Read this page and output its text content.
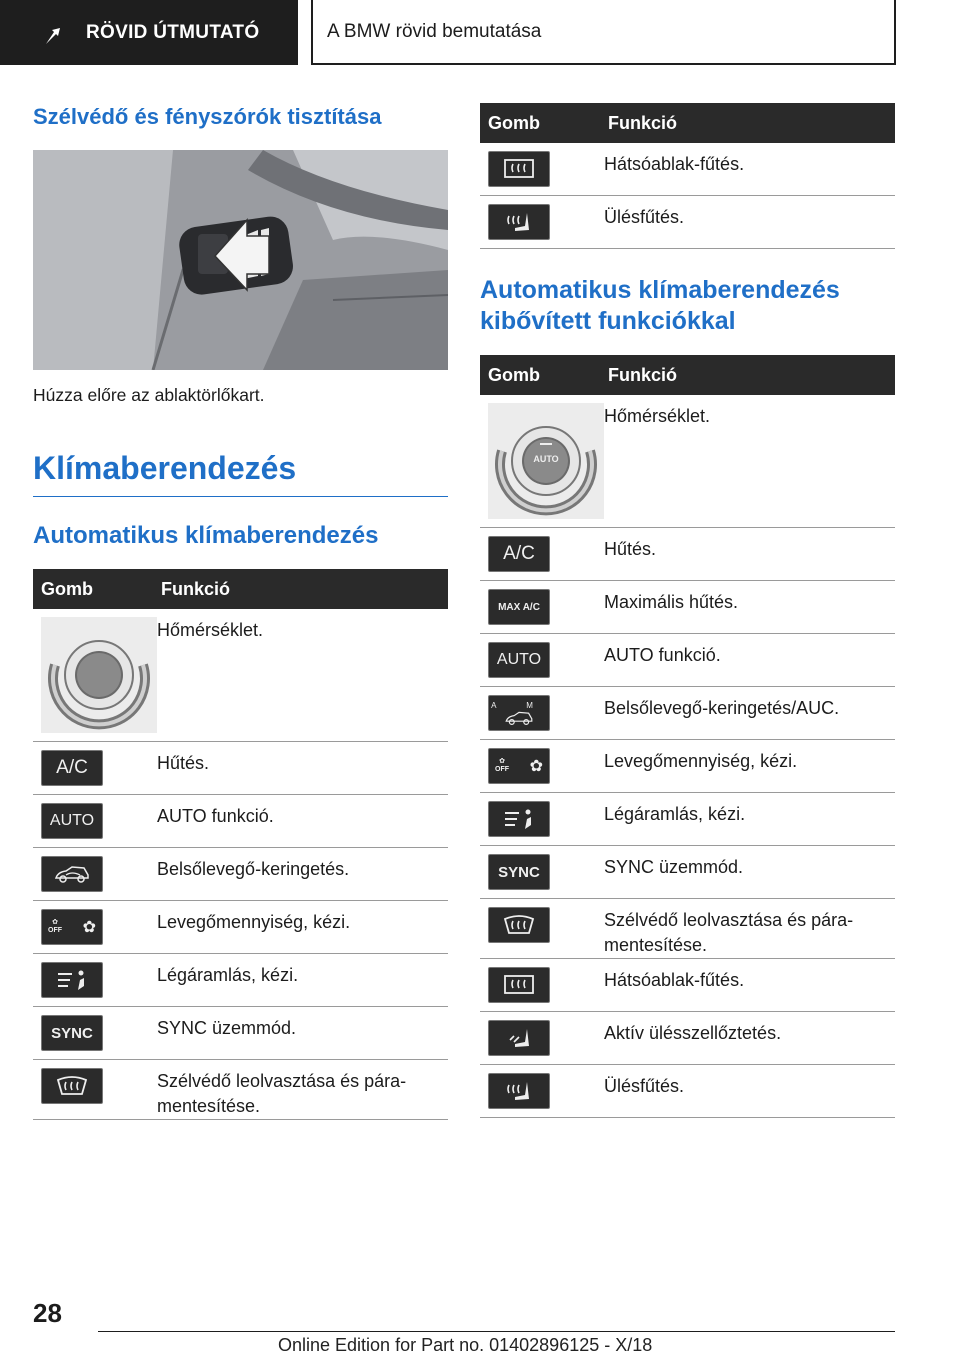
RÖVID ÚTMUTATÓ	A BMW rövid bemutatása
Szélvédő és fényszórók tisztítása

Húzza előre az ablaktörlőkart.

Klímaberendezés
Automatikus klímaberendezés
Gomb	Funkció

	Hőmérséklet.

A/C	Hűtés.

AUTO	AUTO funkció.

	Belsőlevegő-keringetés.

✿
OFF ✿	Levegőmennyiség, kézi.

	Légáramlás, kézi.

SYNC	SYNC üzemmód.

	Szélvédő leolvasztása és pára-mentesítése.
Gomb	Funkció

	Hátsóablak-fűtés.

	Ülésfűtés.
Automatikus klímaberendezés kibővített funkciókkal
Gomb	Funkció

AUTO	Hőmérséklet.

A/C	Hűtés.

MAX A/C	Maximális hűtés.

AUTO	AUTO funkció.

A M	Belsőlevegő-keringetés/AUC.

✿
OFF ✿	Levegőmennyiség, kézi.

	Légáramlás, kézi.

SYNC	SYNC üzemmód.

	Szélvédő leolvasztása és pára-mentesítése.

	Hátsóablak-fűtés.

	Aktív ülésszellőztetés.

	Ülésfűtés.
28
Online Edition for Part no. 01402896125 - X/18
